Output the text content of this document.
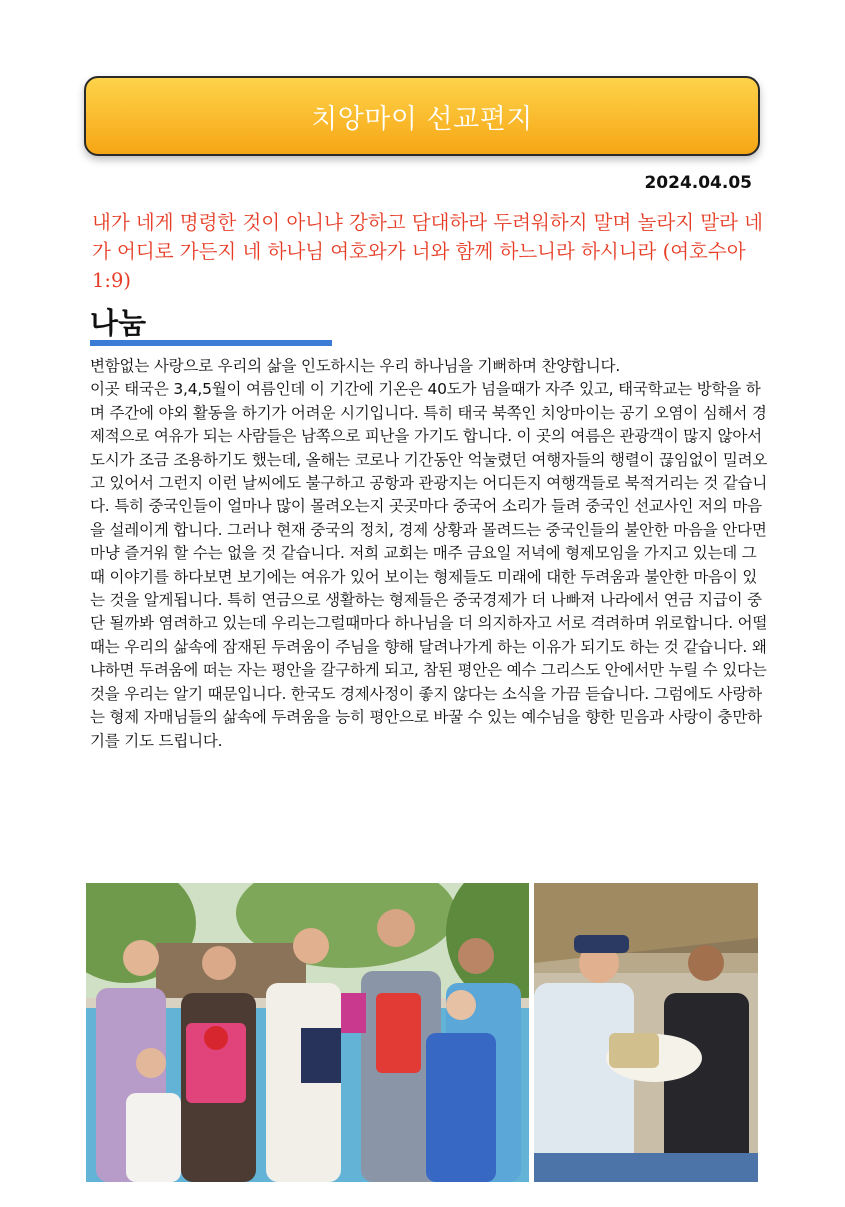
치앙마이 선교편지
2024.04.05
내가 네게 명령한 것이 아니냐 강하고 담대하라 두려워하지 말며 놀라지 말라 네가 어디로 가든지 네 하나님 여호와가 너와 함께 하느니라 하시니라 (여호수아1:9)
나눔
변함없는 사랑으로 우리의 삶을 인도하시는 우리 하나님을 기뻐하며 찬양합니다.
이곳 태국은 3,4,5월이 여름인데 이 기간에 기온은 40도가 넘을때가 자주 있고, 태국학교는 방학을 하며 주간에 야외 활동을 하기가 어려운 시기입니다. 특히 태국 북쪽인 치앙마이는 공기 오염이 심해서 경제적으로 여유가 되는 사람들은 남쪽으로 피난을 가기도 합니다. 이 곳의 여름은 관광객이 많지 않아서 도시가 조금 조용하기도 했는데, 올해는 코로나 기간동안 억눌렸던 여행자들의 행렬이 끊임없이 밀려오고 있어서 그런지 이런 날씨에도 불구하고 공항과 관광지는 어디든지 여행객들로 북적거리는 것 같습니다. 특히 중국인들이 얼마나 많이 몰려오는지 곳곳마다 중국어 소리가 들려 중국인 선교사인 저의 마음을 설레이게 합니다. 그러나 현재 중국의 정치, 경제 상황과 몰려드는 중국인들의 불안한 마음을 안다면 마냥 즐거워 할 수는 없을 것 같습니다. 저희 교회는 매주 금요일 저녁에 형제모임을 가지고 있는데 그때 이야기를 하다보면 보기에는 여유가 있어 보이는 형제들도 미래에 대한 두려움과 불안한 마음이 있는 것을 알게됩니다. 특히 연금으로 생활하는 형제들은 중국경제가 더 나빠져 나라에서 연금 지급이 중단 될까봐 염려하고 있는데 우리는그럴때마다 하나님을 더 의지하자고 서로 격려하며 위로합니다. 어떨 때는 우리의 삶속에 잠재된 두려움이 주님을 향해 달려나가게 하는 이유가 되기도 하는 것 같습니다. 왜냐하면 두려움에 떠는 자는 평안을 갈구하게 되고, 참된 평안은 예수 그리스도 안에서만 누릴 수 있다는 것을 우리는 알기 때문입니다. 한국도 경제사정이 좋지 않다는 소식을 가끔 듣습니다. 그럼에도 사랑하는 형제 자매님들의 삶속에 두려움을 능히 평안으로 바꿀 수 있는 예수님을 향한 믿음과 사랑이 충만하기를 기도 드립니다.
